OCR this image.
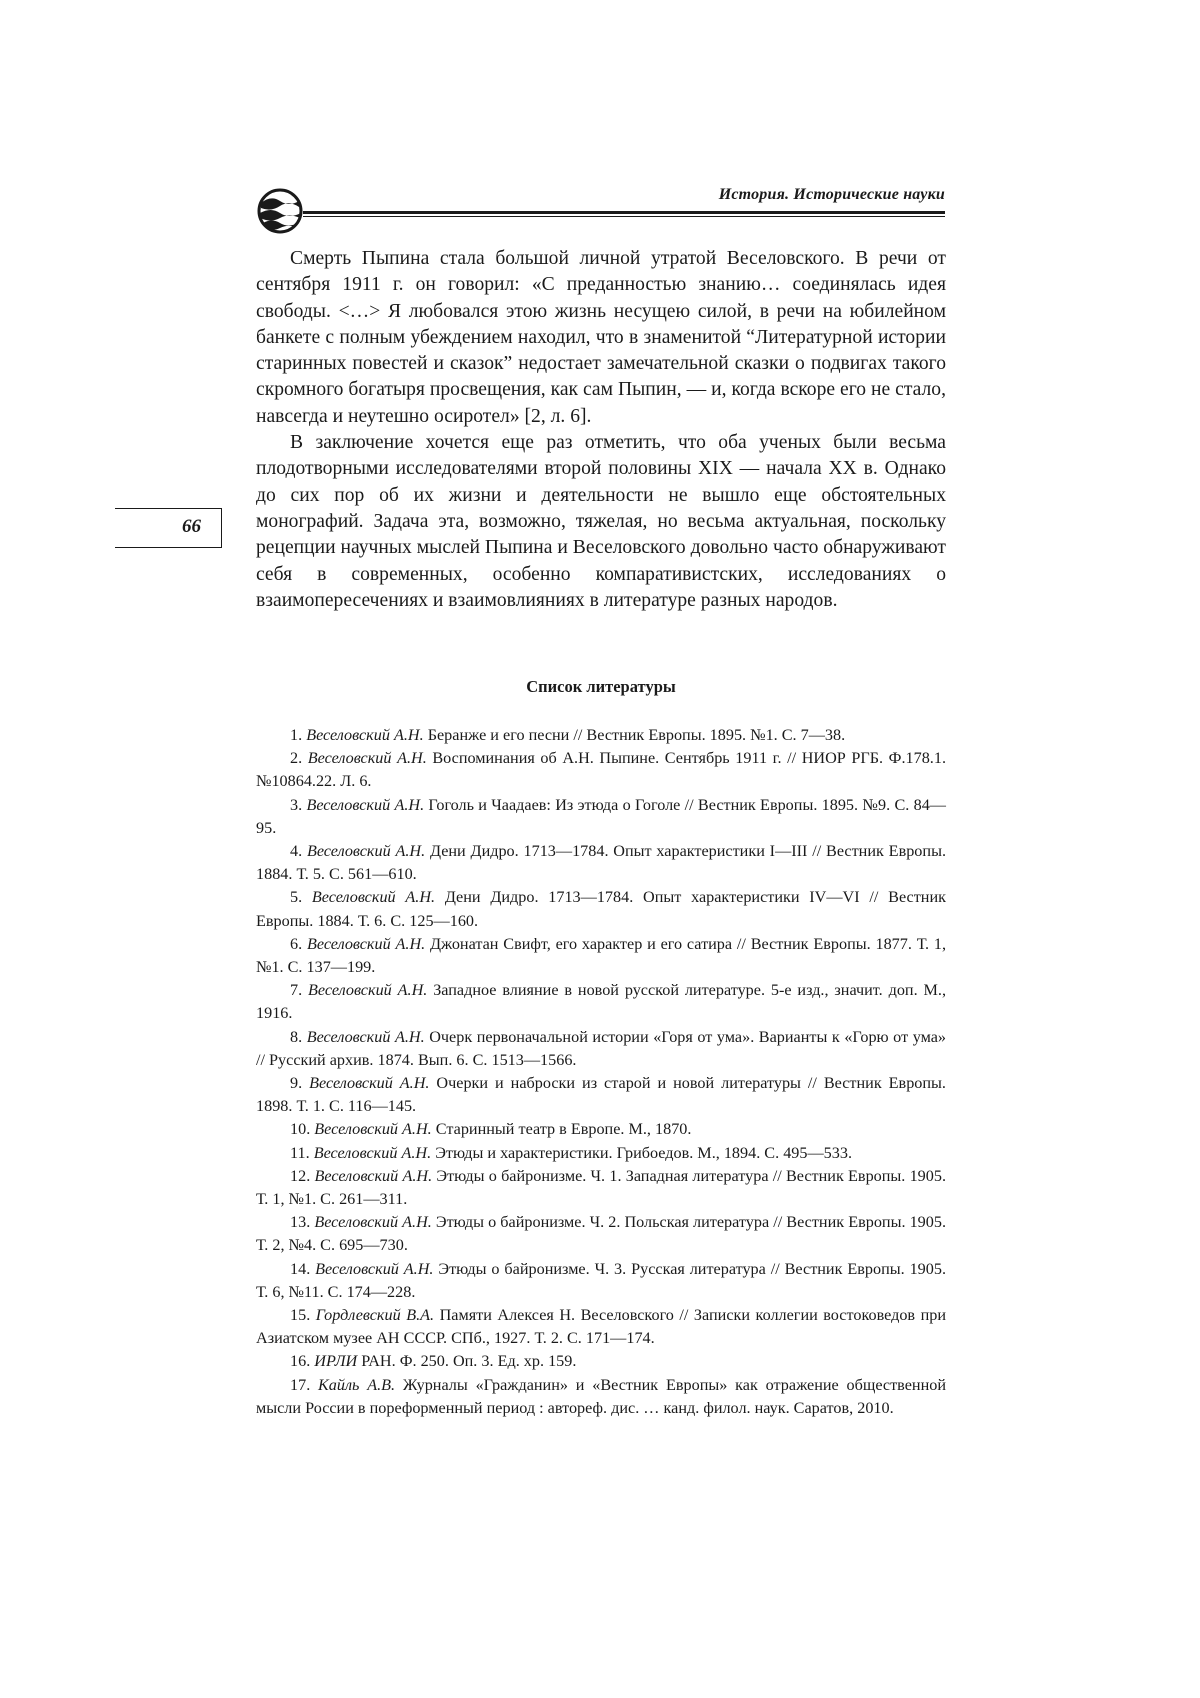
История. Исторические науки
66

Смерть Пыпина стала большой личной утратой Веселовского. В речи от сентября 1911 г. он говорил: «С преданностью знанию… соединялась идея свободы. <…> Я любовался этою жизнь несущею силой, в речи на юбилейном банкете с полным убеждением находил, что в знаменитой “Литературной истории старинных повестей и сказок” недостает замечательной сказки о подвигах такого скромного богатыря просвещения, как сам Пыпин, — и, когда вскоре его не стало, навсегда и неутешно осиротел» [2, л. 6].

В заключение хочется еще раз отметить, что оба ученых были весьма плодотворными исследователями второй половины XIX — начала XX в. Однако до сих пор об их жизни и деятельности не вышло еще обстоятельных монографий. Задача эта, возможно, тяжелая, но весьма актуальная, поскольку рецепции научных мыслей Пыпина и Веселовского довольно часто обнаруживают себя в современных, особенно компаративистских, исследованиях о взаимопересечениях и взаимовлияниях в литературе разных народов.

Список литературы

1. Веселовский А.Н. Беранже и его песни // Вестник Европы. 1895. №1. С. 7—38.

2. Веселовский А.Н. Воспоминания об А.Н. Пыпине. Сентябрь 1911 г. // НИОР РГБ. Ф.178.1. №10864.22. Л. 6.

3. Веселовский А.Н. Гоголь и Чаадаев: Из этюда о Гоголе // Вестник Европы. 1895. №9. С. 84—95.

4. Веселовский А.Н. Дени Дидро. 1713—1784. Опыт характеристики I—III // Вестник Европы. 1884. Т. 5. С. 561—610.

5. Веселовский А.Н. Дени Дидро. 1713—1784. Опыт характеристики IV—VI // Вестник Европы. 1884. Т. 6. С. 125—160.

6. Веселовский А.Н. Джонатан Свифт, его характер и его сатира // Вестник Европы. 1877. Т. 1, №1. С. 137—199.

7. Веселовский А.Н. Западное влияние в новой русской литературе. 5-е изд., значит. доп. М., 1916.

8. Веселовский А.Н. Очерк первоначальной истории «Горя от ума». Варианты к «Горю от ума» // Русский архив. 1874. Вып. 6. С. 1513—1566.

9. Веселовский А.Н. Очерки и наброски из старой и новой литературы // Вестник Европы. 1898. Т. 1. С. 116—145.

10. Веселовский А.Н. Старинный театр в Европе. М., 1870.

11. Веселовский А.Н. Этюды и характеристики. Грибоедов. М., 1894. С. 495—533.

12. Веселовский А.Н. Этюды о байронизме. Ч. 1. Западная литература // Вестник Европы. 1905. Т. 1, №1. С. 261—311.

13. Веселовский А.Н. Этюды о байронизме. Ч. 2. Польская литература // Вестник Европы. 1905. Т. 2, №4. С. 695—730.

14. Веселовский А.Н. Этюды о байронизме. Ч. 3. Русская литература // Вестник Европы. 1905. Т. 6, №11. С. 174—228.

15. Гордлевский В.А. Памяти Алексея Н. Веселовского // Записки коллегии востоковедов при Азиатском музее АН СССР. СПб., 1927. Т. 2. С. 171—174.

16. ИРЛИ РАН. Ф. 250. Оп. 3. Ед. хр. 159.

17. Кайль А.В. Журналы «Гражданин» и «Вестник Европы» как отражение общественной мысли России в пореформенный период : автореф. дис. … канд. филол. наук. Саратов, 2010.
